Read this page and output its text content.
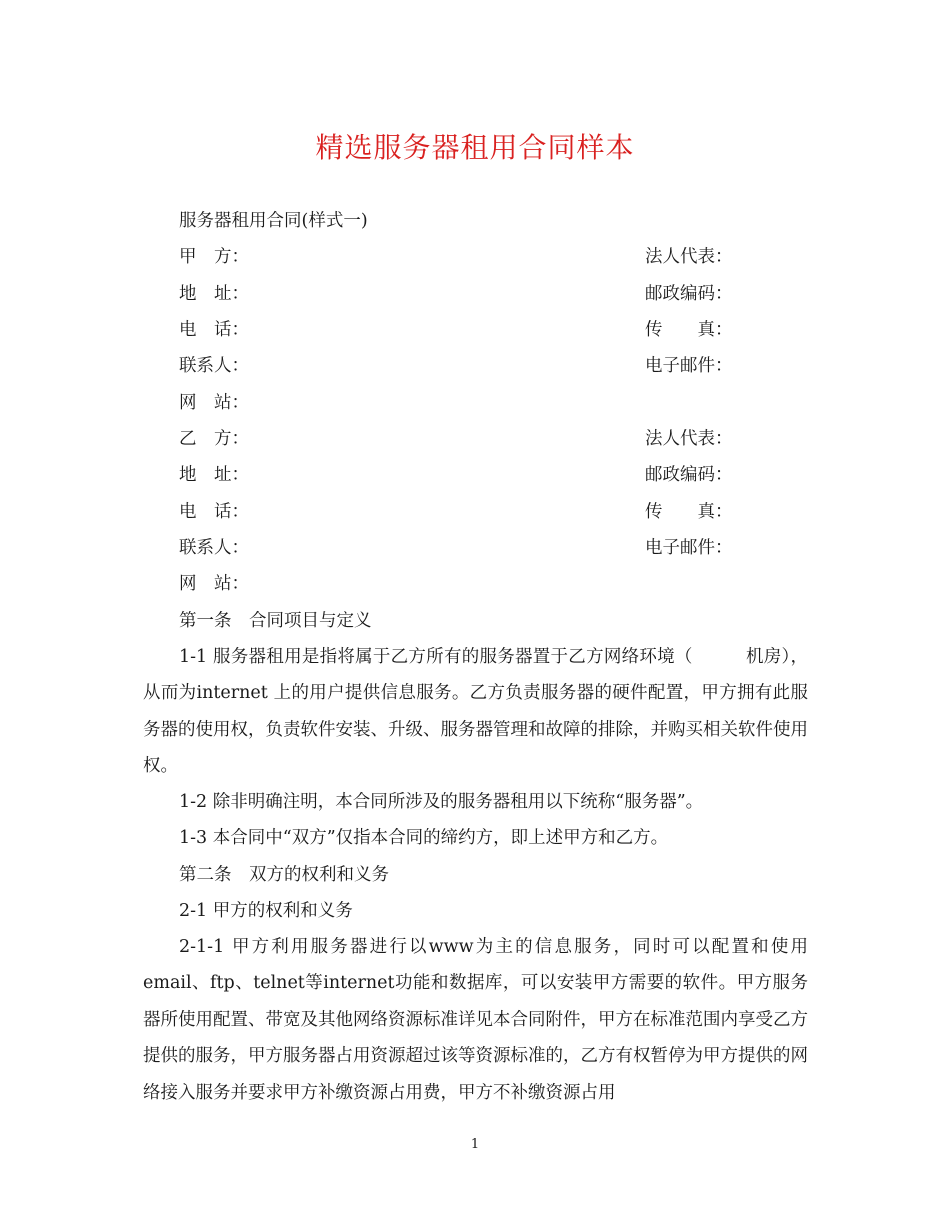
精选服务器租用合同样本
服务器租用合同(样式一)
甲　方：	法人代表：
地　址：	邮政编码：
电　话：	传　　真：
联系人：	电子邮件：
网　站：
乙　方：	法人代表：
地　址：	邮政编码：
电　话：	传　　真：
联系人：	电子邮件：
网　站：
第一条　合同项目与定义
1-1 服务器租用是指将属于乙方所有的服务器置于乙方网络环境（　　　机房），从而为internet 上的用户提供信息服务。乙方负责服务器的硬件配置，甲方拥有此服务器的使用权，负责软件安装、升级、服务器管理和故障的排除，并购买相关软件使用权。
1-2 除非明确注明，本合同所涉及的服务器租用以下统称“服务器”。
1-3 本合同中“双方”仅指本合同的缔约方，即上述甲方和乙方。
第二条　双方的权利和义务
2-1 甲方的权利和义务
2-1-1 甲方利用服务器进行以www为主的信息服务，同时可以配置和使用email、ftp、telnet等internet功能和数据库，可以安装甲方需要的软件。甲方服务器所使用配置、带宽及其他网络资源标准详见本合同附件，甲方在标准范围内享受乙方提供的服务，甲方服务器占用资源超过该等资源标准的，乙方有权暂停为甲方提供的网络接入服务并要求甲方补缴资源占用费，甲方不补缴资源占用
1
